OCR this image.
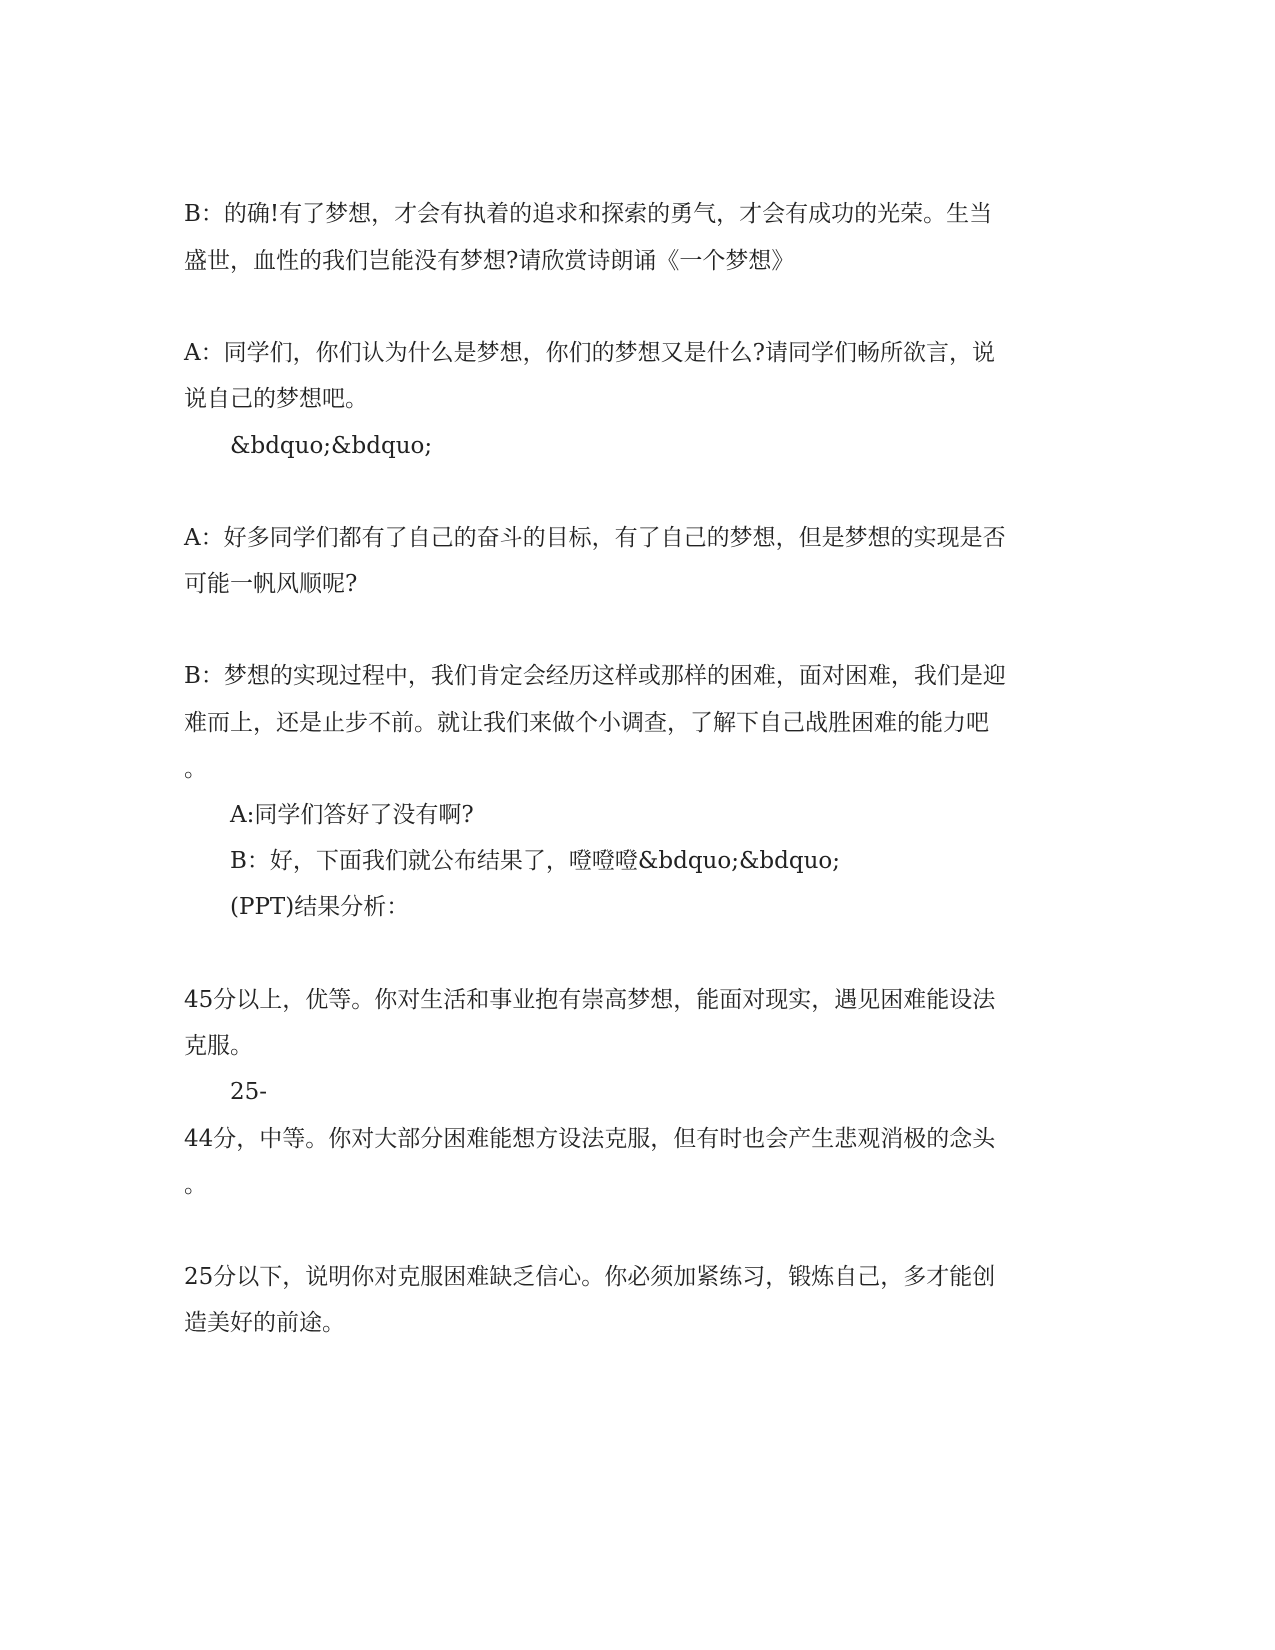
B：的确!有了梦想，才会有执着的追求和探索的勇气，才会有成功的光荣。生当

盛世，血性的我们岂能没有梦想?请欣赏诗朗诵《一个梦想》

A：同学们，你们认为什么是梦想，你们的梦想又是什么?请同学们畅所欲言，说

说自己的梦想吧。

&bdquo;&bdquo;

A：好多同学们都有了自己的奋斗的目标，有了自己的梦想，但是梦想的实现是否

可能一帆风顺呢?

B：梦想的实现过程中，我们肯定会经历这样或那样的困难，面对困难，我们是迎

难而上，还是止步不前。就让我们来做个小调查，了解下自己战胜困难的能力吧

。

A:同学们答好了没有啊?

B：好，下面我们就公布结果了，噔噔噔&bdquo;&bdquo;

(PPT)结果分析：

45分以上，优等。你对生活和事业抱有崇高梦想，能面对现实，遇见困难能设法

克服。

25-

44分，中等。你对大部分困难能想方设法克服，但有时也会产生悲观消极的念头

。

25分以下，说明你对克服困难缺乏信心。你必须加紧练习，锻炼自己，多才能创

造美好的前途。
